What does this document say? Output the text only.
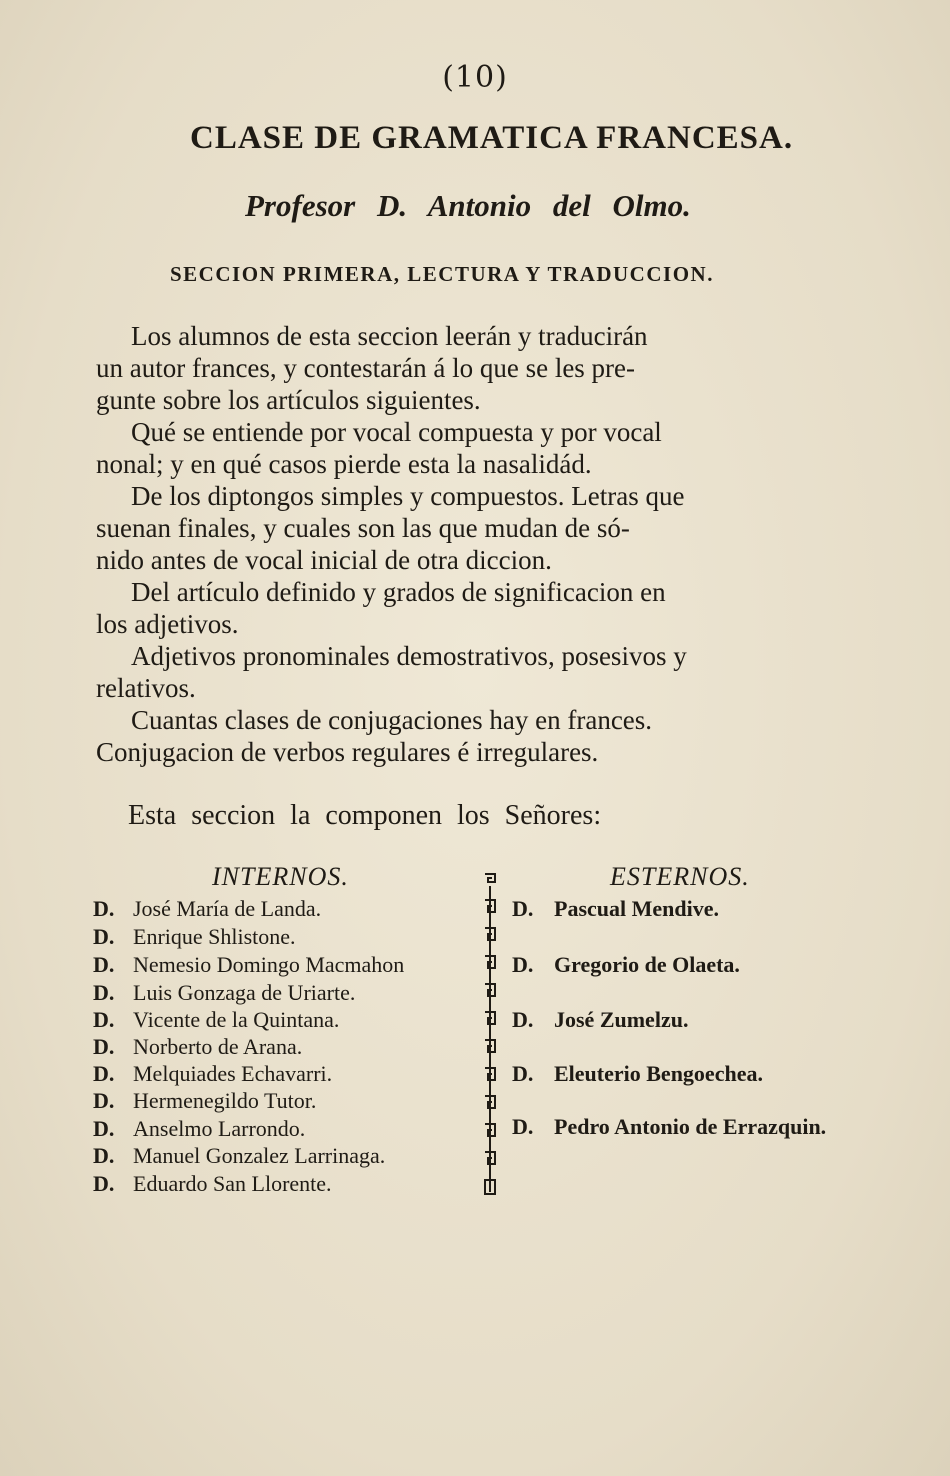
(10)
CLASE DE GRAMATICA FRANCESA.
Profesor D. Antonio del Olmo.
SECCION PRIMERA, LECTURA Y TRADUCCION.
Los alumnos de esta seccion leerán y traducirán
un autor frances, y contestarán á lo que se les pre-
gunte sobre los artículos siguientes.
Qué se entiende por vocal compuesta y por vocal
nonal; y en qué casos pierde esta la nasalidád.
De los diptongos simples y compuestos. Letras que
suenan finales, y cuales son las que mudan de só-
nido antes de vocal inicial de otra diccion.
Del artículo definido y grados de significacion en
los adjetivos.
Adjetivos pronominales demostrativos, posesivos y
relativos.
Cuantas clases de conjugaciones hay en frances.
Conjugacion de verbos regulares é irregulares.
Esta seccion la componen los Señores:
INTERNOS.	ESTERNOS.
D. José María de Landa.
D. Enrique Shlistone.
D. Nemesio Domingo Macmahon
D. Luis Gonzaga de Uriarte.
D. Vicente de la Quintana.
D. Norberto de Arana.
D. Melquiades Echavarri.
D. Hermenegildo Tutor.
D. Anselmo Larrondo.
D. Manuel Gonzalez Larrinaga.
D. Eduardo San Llorente.
D. Pascual Mendive.
D. Gregorio de Olaeta.
D. José Zumelzu.
D. Eleuterio Bengoechea.
D. Pedro Antonio de Errazquin.
